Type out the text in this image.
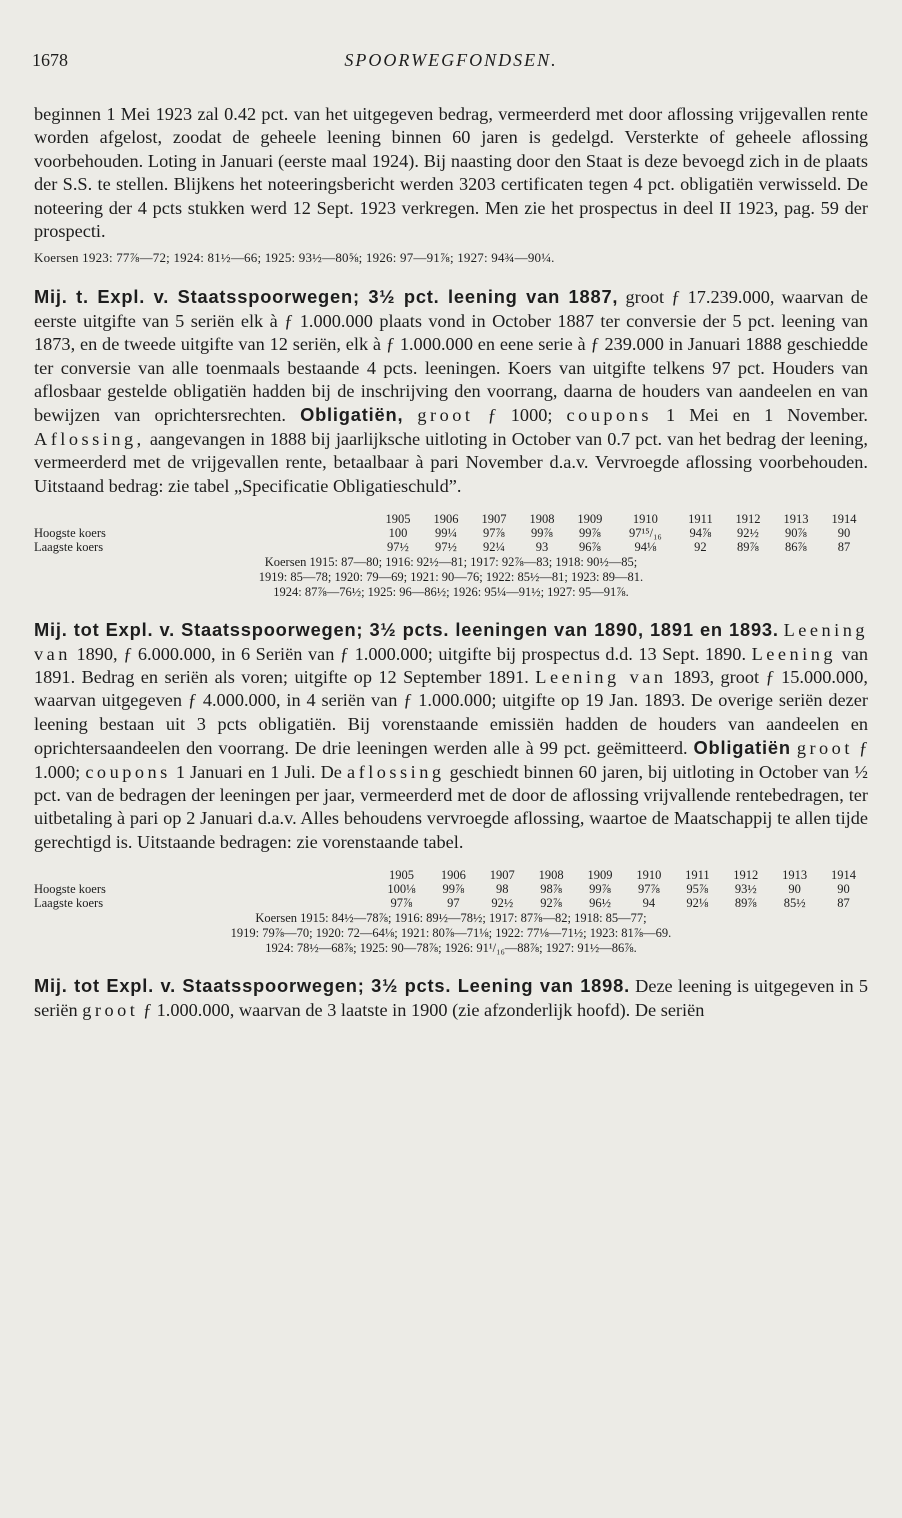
1678	SPOORWEGFONDSEN.

beginnen 1 Mei 1923 zal 0.42 pct. van het uitgegeven bedrag, vermeerderd met door aflossing vrijgevallen rente worden afgelost, zoodat de geheele leening binnen 60 jaren is gedelgd. Versterkte of geheele aflossing voorbehouden. Loting in Januari (eerste maal 1924). Bij naasting door den Staat is deze bevoegd zich in de plaats der S.S. te stellen. Blijkens het noteeringsbericht werden 3203 certificaten tegen 4 pct. obligatiën verwisseld. De noteering der 4 pcts stukken werd 12 Sept. 1923 verkregen. Men zie het prospectus in deel II 1923, pag. 59 der prospecti.

Koersen 1923: 77⅞—72; 1924: 81½—66; 1925: 93½—80⅝; 1926: 97—91⅞; 1927: 94¾—90¼.

Mij. t. Expl. v. Staatsspoorwegen; 3½ pct. leening van 1887, groot ƒ 17.239.000, waarvan de eerste uitgifte van 5 seriën elk à ƒ 1.000.000 plaats vond in October 1887 ter conversie der 5 pct. leening van 1873, en de tweede uitgifte van 12 seriën, elk à ƒ 1.000.000 en eene serie à ƒ 239.000 in Januari 1888 geschiedde ter conversie van alle toenmaals bestaande 4 pcts. leeningen. Koers van uitgifte telkens 97 pct. Houders van aflosbaar gestelde obligatiën hadden bij de inschrijving den voorrang, daarna de houders van aandeelen en van bewijzen van oprichtersrechten. Obligatiën, groot ƒ 1000; coupons 1 Mei en 1 November. Aflossing, aangevangen in 1888 bij jaarlijksche uitloting in October van 0.7 pct. van het bedrag der leening, vermeerderd met de vrijgevallen rente, betaalbaar à pari November d.a.v. Vervroegde aflossing voorbehouden. Uitstaand bedrag: zie tabel „Specificatie Obligatieschuld”.

	1905	1906	1907	1908	1909	1910	1911	1912	1913	1914
Hoogste koers	100	99¼	97⅞	99⅞	99⅞	97¹⁵/₁₆	94⅞	92½	90⅞	90
Laagste koers	97½	97½	92¼	93	96⅞	94⅛	92	89⅞	86⅞	87
Koersen 1915: 87—80; 1916: 92½—81; 1917: 92⅞—83; 1918: 90½—85;
1919: 85—78; 1920: 79—69; 1921: 90—76; 1922: 85½—81; 1923: 89—81.
1924: 87⅞—76½; 1925: 96—86½; 1926: 95¼—91½; 1927: 95—91⅞.

Mij. tot Expl. v. Staatsspoorwegen; 3½ pcts. leeningen van 1890, 1891 en 1893. Leening van 1890, ƒ 6.000.000, in 6 Seriën van ƒ 1.000.000; uitgifte bij prospectus d.d. 13 Sept. 1890. Leening van 1891. Bedrag en seriën als voren; uitgifte op 12 September 1891. Leening van 1893, groot ƒ 15.000.000, waarvan uitgegeven ƒ 4.000.000, in 4 seriën van ƒ 1.000.000; uitgifte op 19 Jan. 1893. De overige seriën dezer leening bestaan uit 3 pcts obligatiën. Bij vorenstaande emissiën hadden de houders van aandeelen en oprichtersaandeelen den voorrang. De drie leeningen werden alle à 99 pct. geëmitteerd. Obligatiën groot ƒ 1.000; coupons 1 Januari en 1 Juli. De aflossing geschiedt binnen 60 jaren, bij uitloting in October van ½ pct. van de bedragen der leeningen per jaar, vermeerderd met de door de aflossing vrijvallende rentebedragen, ter uitbetaling à pari op 2 Januari d.a.v. Alles behoudens vervroegde aflossing, waartoe de Maatschappij te allen tijde gerechtigd is. Uitstaande bedragen: zie vorenstaande tabel.

	1905	1906	1907	1908	1909	1910	1911	1912	1913	1914
Hoogste koers	100⅛	99⅞	98	98⅞	99⅞	97⅞	95⅞	93½	90	90
Laagste koers	97⅞	97	92½	92⅞	96½	94	92⅛	89⅞	85½	87
Koersen 1915: 84½—78⅞; 1916: 89½—78½; 1917: 87⅞—82; 1918: 85—77;
1919: 79⅞—70; 1920: 72—64⅛; 1921: 80⅞—71⅛; 1922: 77⅛—71½; 1923: 81⅞—69.
1924: 78½—68⅞; 1925: 90—78⅞; 1926: 91¹/₁₆—88⅞; 1927: 91½—86⅞.

Mij. tot Expl. v. Staatsspoorwegen; 3½ pcts. Leening van 1898. Deze leening is uitgegeven in 5 seriën groot ƒ 1.000.000, waarvan de 3 laatste in 1900 (zie afzonderlijk hoofd). De seriën
